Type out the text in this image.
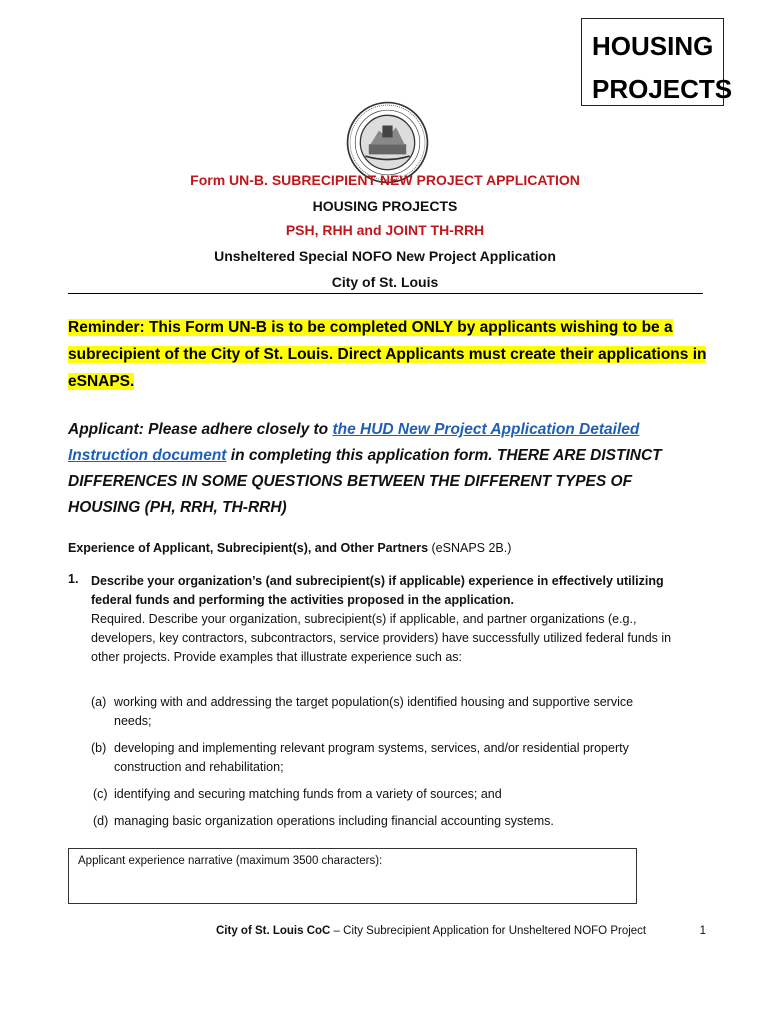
HOUSING
PROJECTS
Form UN-B. SUBRECIPIENT NEW PROJECT APPLICATION
HOUSING PROJECTS
PSH, RHH and JOINT TH-RRH
Unsheltered Special NOFO New Project Application
City of St. Louis
Reminder: This Form UN-B is to be completed ONLY by applicants wishing to be a
subrecipient of the City of St. Louis. Direct Applicants must create their applications in
eSNAPS.
Applicant: Please adhere closely to the HUD New Project Application Detailed Instruction document in completing this application form. THERE ARE DISTINCT DIFFERENCES IN SOME QUESTIONS BETWEEN THE DIFFERENT TYPES OF HOUSING (PH, RRH, TH-RRH)
Experience of Applicant, Subrecipient(s), and Other Partners (eSNAPS 2B.)
1. Describe your organization’s (and subrecipient(s) if applicable) experience in effectively utilizing federal funds and performing the activities proposed in the application.
Required. Describe your organization, subrecipient(s) if applicable, and partner organizations (e.g., developers, key contractors, subcontractors, service providers) have successfully utilized federal funds in other projects. Provide examples that illustrate experience such as:
(a) working with and addressing the target population(s) identified housing and supportive service needs;
(b) developing and implementing relevant program systems, services, and/or residential property construction and rehabilitation;
(c) identifying and securing matching funds from a variety of sources; and
(d) managing basic organization operations including financial accounting systems.
Applicant experience narrative (maximum 3500 characters):
City of St. Louis CoC – City Subrecipient Application for Unsheltered NOFO Project	1
